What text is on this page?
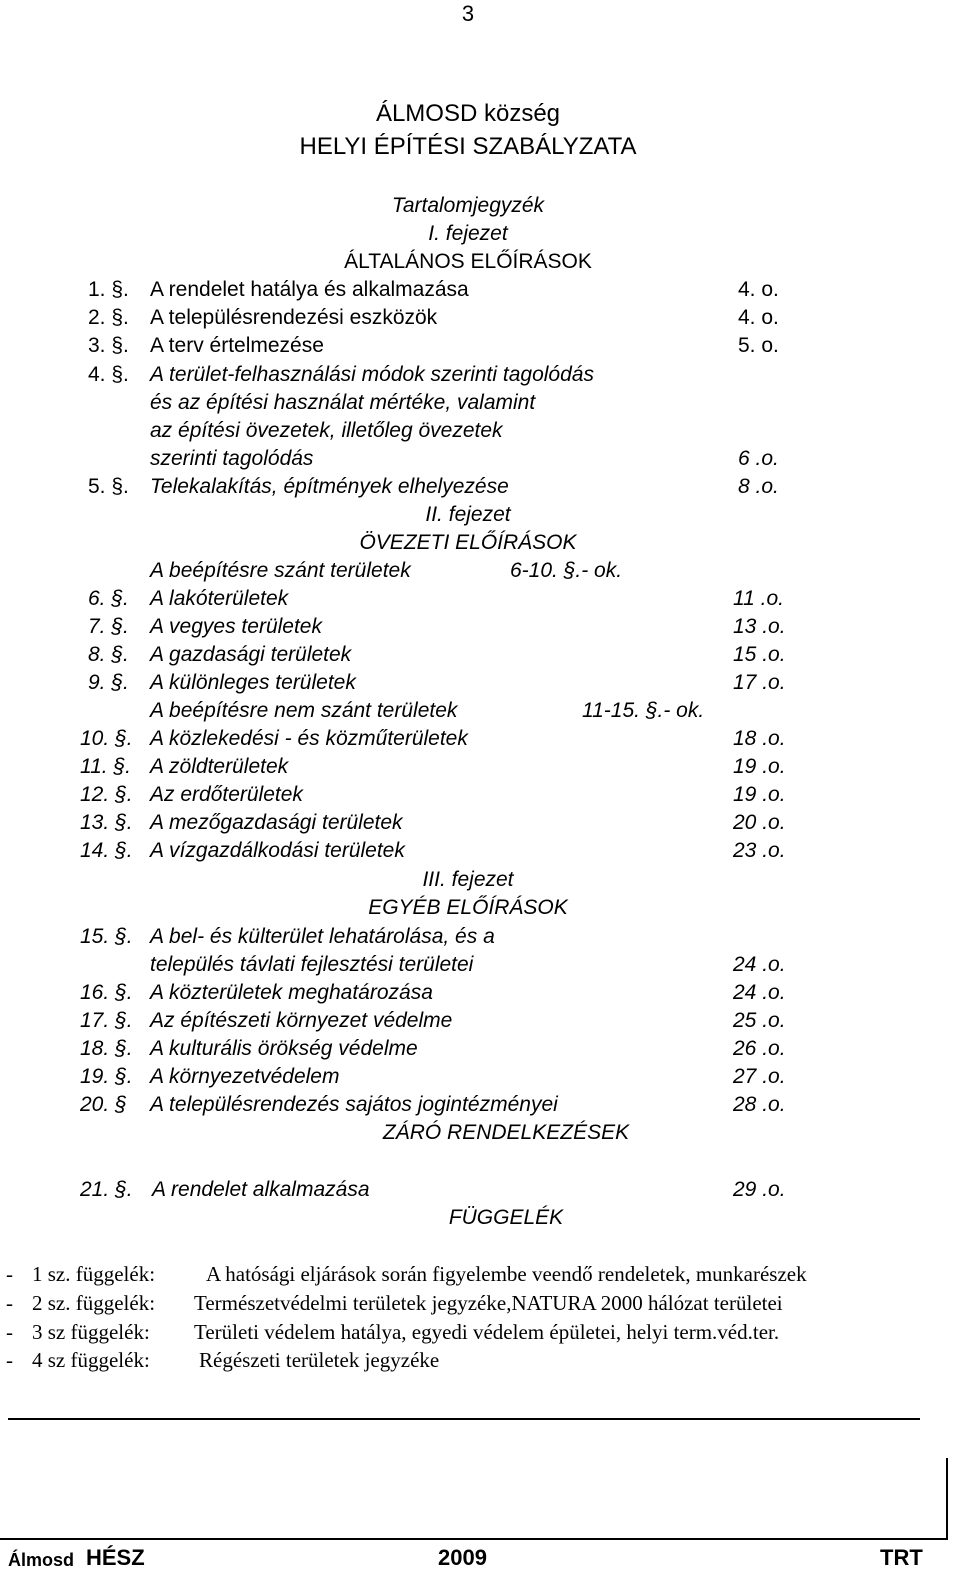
3
ÁLMOSD község
HELYI ÉPÍTÉSI SZABÁLYZATA
Tartalomjegyzék
I. fejezet
ÁLTALÁNOS ELŐÍRÁSOK
1. §. A rendelet hatálya és alkalmazása	4. o.
2. §. A településrendezési eszközök	4. o.
3. §. A terv értelmezése	5. o.
4. §. A terület-felhasználási módok szerinti tagolódás
és az építési használat mértéke, valamint
az építési övezetek, illetőleg övezetek
szerinti tagolódás	6 .o.
5. §. Telekalakítás, építmények elhelyezése	8 .o.
II. fejezet
ÖVEZETI ELŐÍRÁSOK
A beépítésre szánt területek	6-10. §.- ok.
6. §. A lakóterületek	11 .o.
7. §. A vegyes területek	13 .o.
8. §. A gazdasági területek	15 .o.
9. §. A különleges területek	17 .o.
A beépítésre nem szánt területek	11-15. §.- ok.
10. §. A közlekedési - és közműterületek	18 .o.
11. §. A zöldterületek	19 .o.
12. §. Az erdőterületek	19 .o.
13. §. A mezőgazdasági területek	20 .o.
14. §. A vízgazdálkodási területek	23 .o.
III. fejezet
EGYÉB ELŐÍRÁSOK
15. §. A bel- és külterület lehatárolása, és a
település távlati fejlesztési területei	24 .o.
16. §. A közterületek meghatározása	24 .o.
17. §. Az építészeti környezet védelme	25 .o.
18. §. A kulturális örökség védelme	26 .o.
19. §. A környezetvédelem	27 .o.
20. § A településrendezés sajátos jogintézményei	28 .o.
ZÁRÓ RENDELKEZÉSEK
21. §. A rendelet alkalmazása	29 .o.
FÜGGELÉK
- 1 sz. függelék: A hatósági eljárások során figyelembe veendő rendeletek, munkarészek
- 2 sz. függelék: Természetvédelmi területek jegyzéke,NATURA 2000 hálózat területei
- 3 sz függelék: Területi védelem hatálya, egyedi védelem épületei, helyi term.véd.ter.
- 4 sz függelék: Régészeti területek jegyzéke
Álmosd HÉSZ	2009	TRT
